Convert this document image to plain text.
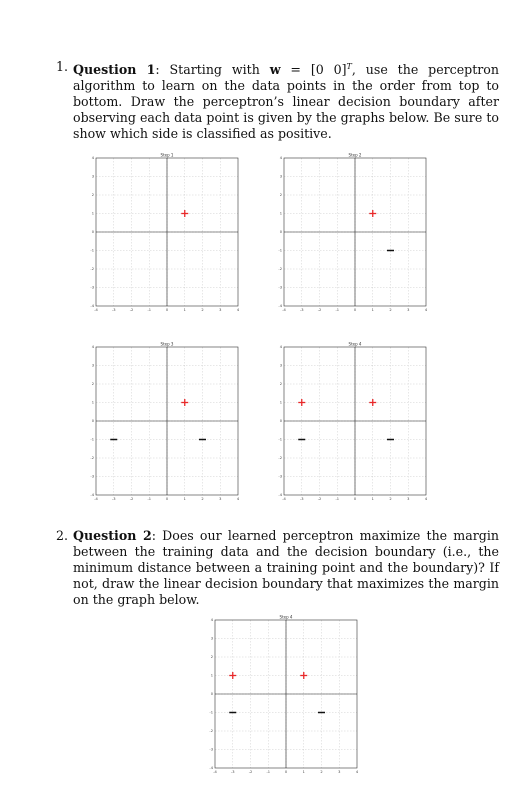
1. Question 1: Starting with w = [0 0]$^T$, use the perceptron algorithm to learn on the data points in the order from top to bottom. Draw the perceptron’s linear decision boundary after observing each data point is given by the graphs below. Be sure to show which side is classified as positive.
Step 1
-4
-4
-3
-3
-2
-2
-1
-1
0
0
1
1
2
2
3
3
4
4
Step 2
-4
-4
-3
-3
-2
-2
-1
-1
0
0
1
1
2
2
3
3
4
4
Step 3
-4
-4
-3
-3
-2
-2
-1
-1
0
0
1
1
2
2
3
3
4
4
Step 4
-4
-4
-3
-3
-2
-2
-1
-1
0
0
1
1
2
2
3
3
4
4
2. Question 2: Does our learned perceptron maximize the margin between the training data and the decision boundary (i.e., the minimum distance between a training point and the boundary)? If not, draw the linear decision boundary that maximizes the margin on the graph below.
Step 4
-4
-4
-3
-3
-2
-2
-1
-1
0
0
1
1
2
2
3
3
4
4
